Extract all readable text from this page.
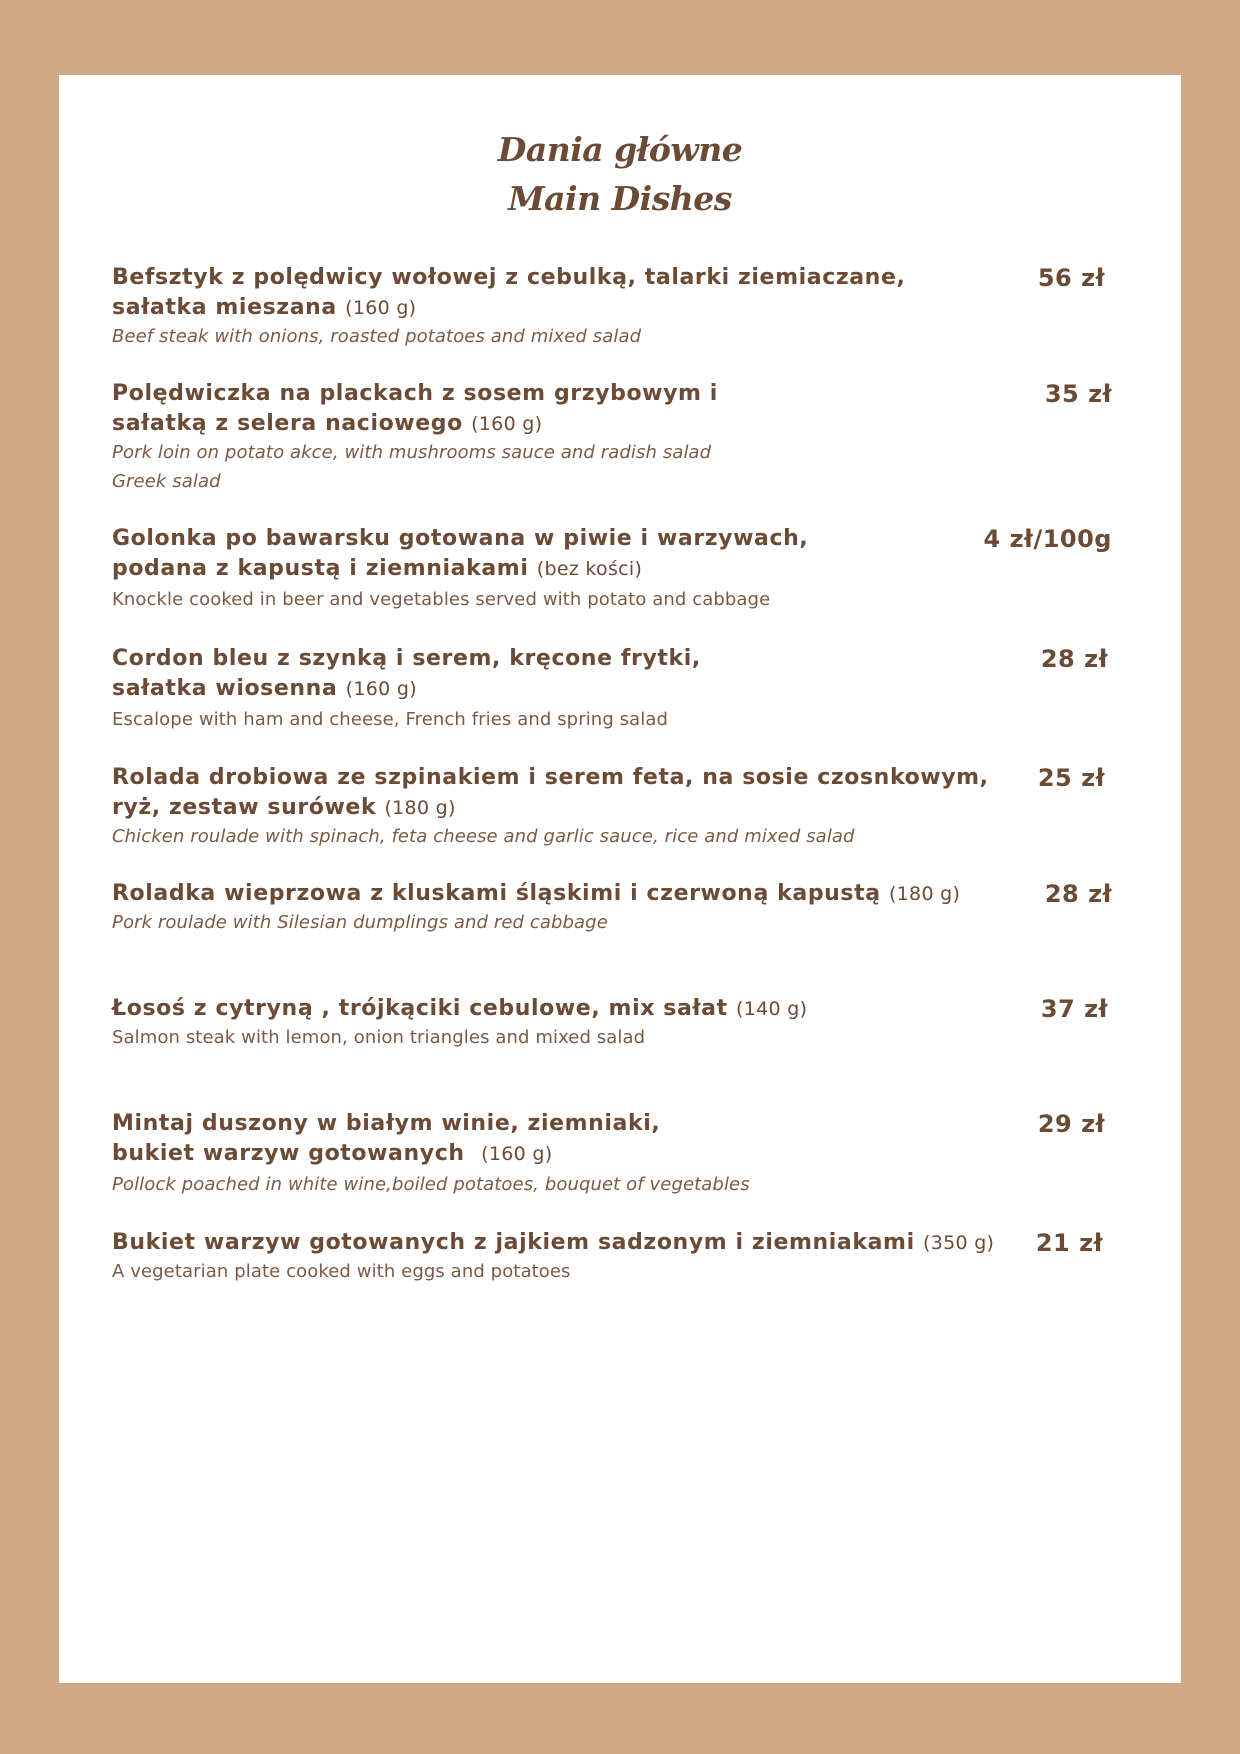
Dania główne
Main Dishes
Befsztyk z polędwicy wołowej z cebulką, talarki ziemiaczane,
sałatka mieszana (160 g)
Beef steak with onions, roasted potatoes and mixed salad
56 zł
Polędwiczka na plackach z sosem grzybowym i
sałatką z selera naciowego (160 g)
Pork loin on potato akce, with mushrooms sauce and radish salad
Greek salad
35 zł
Golonka po bawarsku gotowana w piwie i warzywach,
podana z kapustą i ziemniakami (bez kości)
Knockle cooked in beer and vegetables served with potato and cabbage
4 zł/100g
Cordon bleu z szynką i serem, kręcone frytki,
sałatka wiosenna (160 g)
Escalope with ham and cheese, French fries and spring salad
28 zł
Rolada drobiowa ze szpinakiem i serem feta, na sosie czosnkowym,
ryż, zestaw surówek (180 g)
Chicken roulade with spinach, feta cheese and garlic sauce, rice and mixed salad
25 zł
Roladka wieprzowa z kluskami śląskimi i czerwoną kapustą (180 g)
Pork roulade with Silesian dumplings and red cabbage
28 zł
Łosoś z cytryną , trójkąciki cebulowe, mix sałat (140 g)
Salmon steak with lemon, onion triangles and mixed salad
37 zł
Mintaj duszony w białym winie, ziemniaki,
bukiet warzyw gotowanych (160 g)
Pollock poached in white wine,boiled potatoes, bouquet of vegetables
29 zł
Bukiet warzyw gotowanych z jajkiem sadzonym i ziemniakami (350 g)
A vegetarian plate cooked with eggs and potatoes
21 zł
